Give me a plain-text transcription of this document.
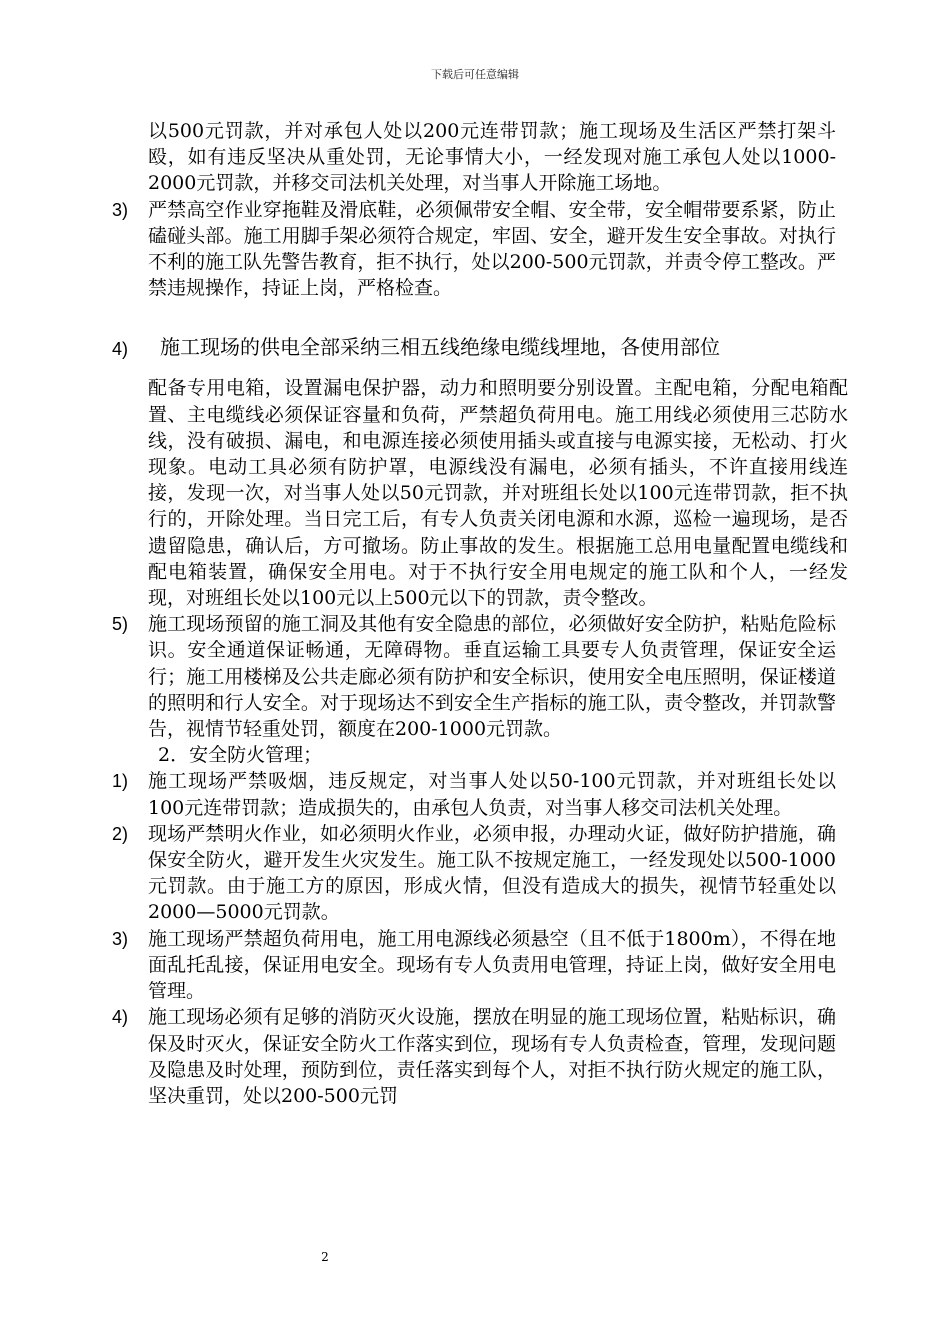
下载后可任意编辑
以500元罚款，并对承包人处以200元连带罚款；施工现场及生活区严禁打架斗殴，如有违反坚决从重处罚，无论事情大小，一经发现对施工承包人处以1000-2000元罚款，并移交司法机关处理，对当事人开除施工场地。
3) 严禁高空作业穿拖鞋及滑底鞋，必须佩带安全帽、安全带，安全帽带要系紧，防止磕碰头部。施工用脚手架必须符合规定，牢固、安全，避开发生安全事故。对执行不利的施工队先警告教育，拒不执行，处以200-500元罚款，并责令停工整改。严禁违规操作，持证上岗，严格检查。
4) 施工现场的供电全部采纳三相五线绝缘电缆线埋地，各使用部位
配备专用电箱，设置漏电保护器，动力和照明要分别设置。主配电箱，分配电箱配置、主电缆线必须保证容量和负荷，严禁超负荷用电。施工用线必须使用三芯防水线，没有破损、漏电，和电源连接必须使用插头或直接与电源实接，无松动、打火现象。电动工具必须有防护罩，电源线没有漏电，必须有插头，不许直接用线连接，发现一次，对当事人处以50元罚款，并对班组长处以100元连带罚款，拒不执行的，开除处理。当日完工后，有专人负责关闭电源和水源，巡检一遍现场，是否遗留隐患，确认后，方可撤场。防止事故的发生。根据施工总用电量配置电缆线和配电箱装置，确保安全用电。对于不执行安全用电规定的施工队和个人，一经发现，对班组长处以100元以上500元以下的罚款，责令整改。
5) 施工现场预留的施工洞及其他有安全隐患的部位，必须做好安全防护，粘贴危险标识。安全通道保证畅通，无障碍物。垂直运输工具要专人负责管理，保证安全运行；施工用楼梯及公共走廊必须有防护和安全标识，使用安全电压照明，保证楼道的照明和行人安全。对于现场达不到安全生产指标的施工队，责令整改，并罚款警告，视情节轻重处罚，额度在200-1000元罚款。
2．安全防火管理；
1) 施工现场严禁吸烟，违反规定，对当事人处以50-100元罚款，并对班组长处以100元连带罚款；造成损失的，由承包人负责，对当事人移交司法机关处理。
2) 现场严禁明火作业，如必须明火作业，必须申报，办理动火证，做好防护措施，确保安全防火，避开发生火灾发生。施工队不按规定施工，一经发现处以500-1000元罚款。由于施工方的原因，形成火情，但没有造成大的损失，视情节轻重处以2000—5000元罚款。
3) 施工现场严禁超负荷用电，施工用电源线必须悬空（且不低于1800m），不得在地面乱托乱接，保证用电安全。现场有专人负责用电管理，持证上岗，做好安全用电管理。
4) 施工现场必须有足够的消防灭火设施，摆放在明显的施工现场位置，粘贴标识，确保及时灭火，保证安全防火工作落实到位，现场有专人负责检查，管理，发现问题及隐患及时处理，预防到位，责任落实到每个人，对拒不执行防火规定的施工队，坚决重罚，处以200-500元罚
2
